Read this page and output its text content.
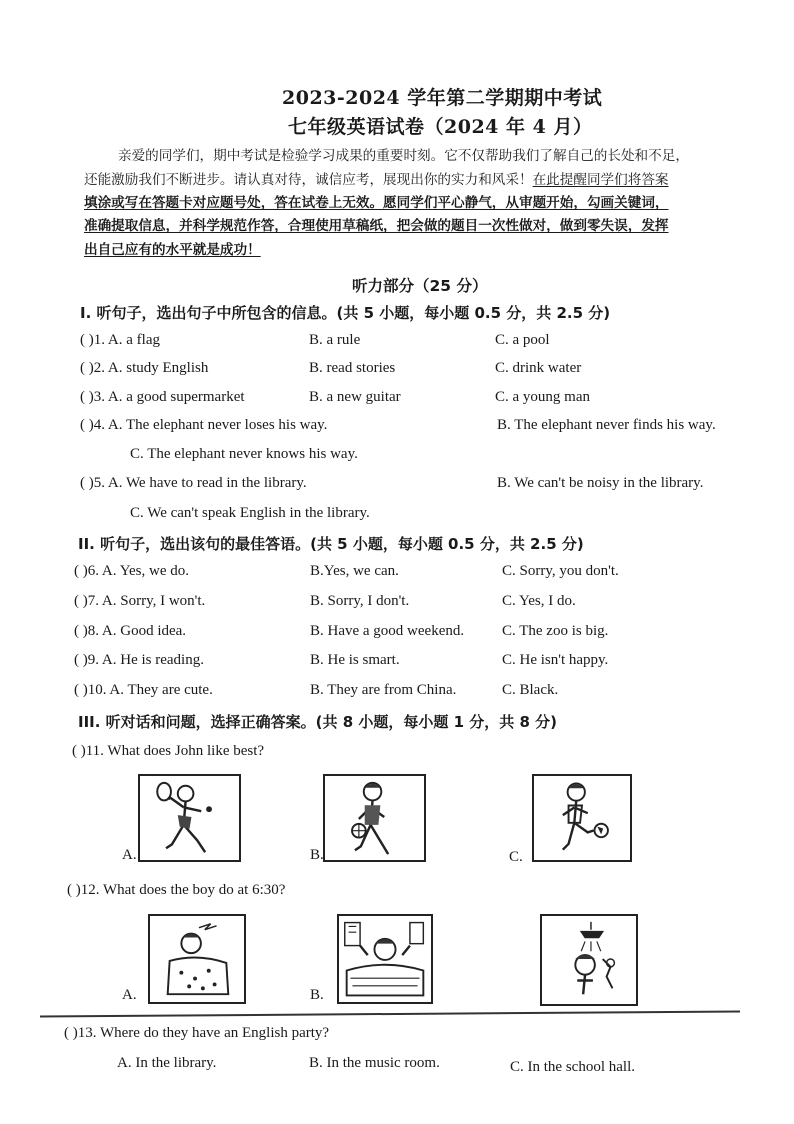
2023-2024 学年第二学期期中考试
七年级英语试卷（2024 年 4 月）
亲爱的同学们，期中考试是检验学习成果的重要时刻。它不仅帮助我们了解自己的长处和不足，
还能激励我们不断进步。请认真对待，诚信应考，展现出你的实力和风采！在此提醒同学们将答案
填涂或写在答题卡对应题号处，答在试卷上无效。愿同学们平心静气，从审题开始，勾画关键词，
准确提取信息，并科学规范作答，合理使用草稿纸，把会做的题目一次性做对，做到零失误，发挥
出自己应有的水平就是成功！
听力部分（25 分）
I. 听句子，选出句子中所包含的信息。(共 5 小题，每小题 0.5 分，共 2.5 分)
( )1. A. a flag	B. a rule	C. a pool
( )2. A. study English	B. read stories	C. drink water
( )3. A. a good supermarket	B. a new guitar	C. a young man
( )4. A. The elephant never loses his way.	B. The elephant never finds his way.
C. The elephant never knows his way.
( )5. A. We have to read in the library.	B. We can't be noisy in the library.
C. We can't speak English in the library.
II. 听句子，选出该句的最佳答语。(共 5 小题，每小题 0.5 分，共 2.5 分)
( )6. A. Yes, we do.	B.Yes, we can.	C. Sorry, you don't.
( )7. A. Sorry, I won't.	B. Sorry, I don't.	C. Yes, I do.
( )8. A. Good idea.	B. Have a good weekend.	C. The zoo is big.
( )9. A. He is reading.	B. He is smart.	C. He isn't happy.
( )10. A. They are cute.	B. They are from China.	C. Black.
III. 听对话和问题，选择正确答案。(共 8 小题，每小题 1 分，共 8 分)
( )11. What does John like best?
A.	B.	C.
( )12. What does the boy do at 6:30?
A.	B.
( )13. Where do they have an English party?
A. In the library.	B. In the music room.	C. In the school hall.
